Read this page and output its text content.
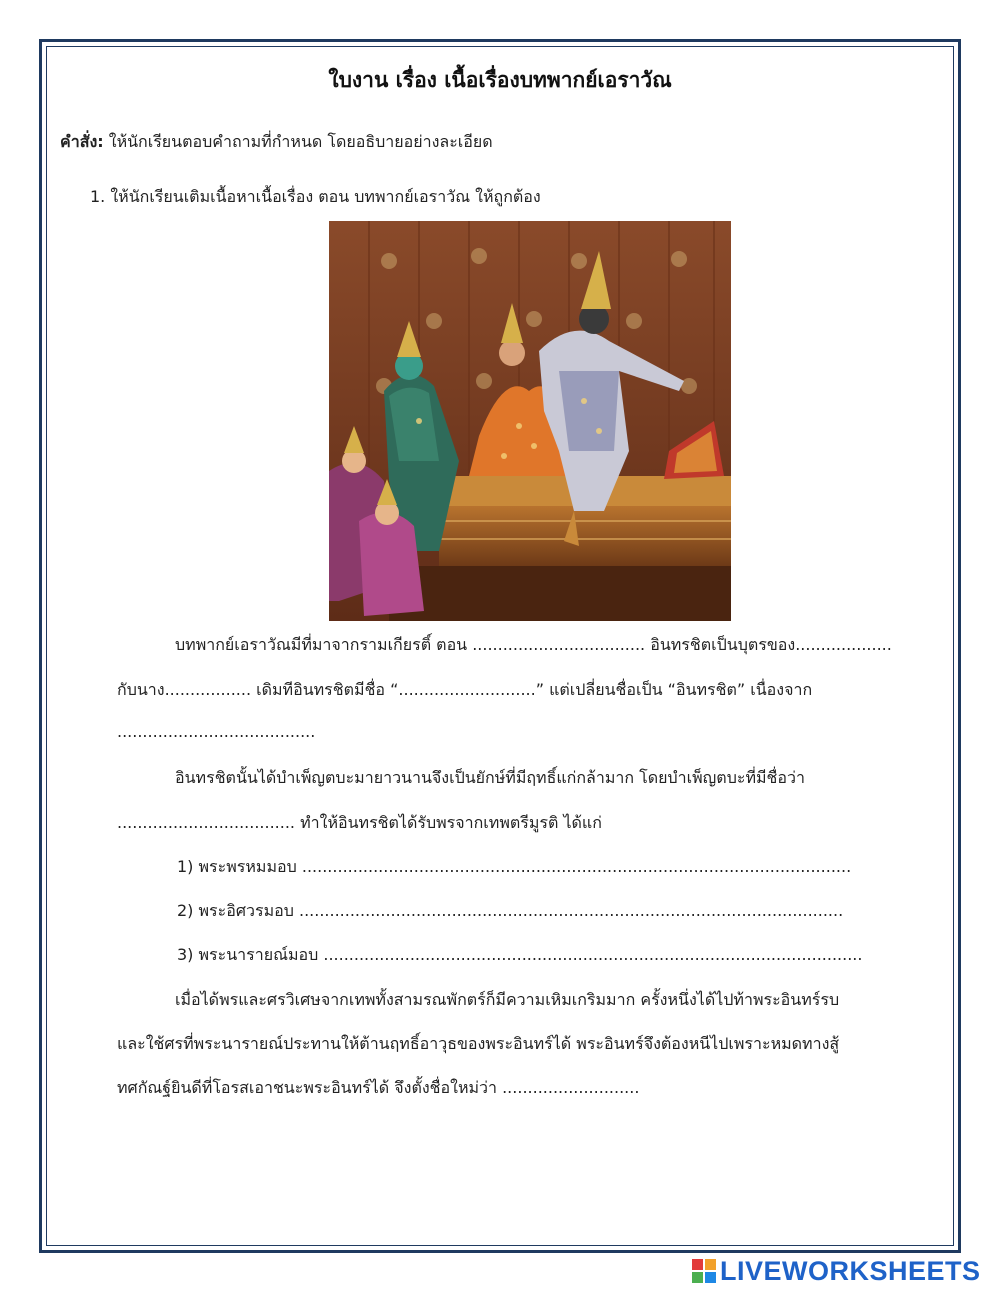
ใบงาน เรื่อง เนื้อเรื่องบทพากย์เอราวัณ
คำสั่ง: ให้นักเรียนตอบคำถามที่กำหนด โดยอธิบายอย่างละเอียด
1. ให้นักเรียนเติมเนื้อหาเนื้อเรื่อง ตอน บทพากย์เอราวัณ ให้ถูกต้อง
บทพากย์เอราวัณมีที่มาจากรามเกียรติ์ ตอน .................................. อินทรชิตเป็นบุตรของ...................
กับนาง................. เดิมทีอินทรชิตมีชื่อ “...........................” แต่เปลี่ยนชื่อเป็น “อินทรชิต” เนื่องจาก
.......................................
อินทรชิตนั้นได้บำเพ็ญตบะมายาวนานจึงเป็นยักษ์ที่มีฤทธิ์แก่กล้ามาก โดยบำเพ็ญตบะที่มีชื่อว่า
................................... ทำให้อินทรชิตได้รับพรจากเทพตรีมูรติ ได้แก่
1) พระพรหมมอบ ............................................................................................................
2) พระอิศวรมอบ ...........................................................................................................
3) พระนารายณ์มอบ ..........................................................................................................
เมื่อได้พรและศรวิเศษจากเทพทั้งสามรณพักตร์ก็มีความเหิมเกริมมาก ครั้งหนึ่งได้ไปท้าพระอินทร์รบ
และใช้ศรที่พระนารายณ์ประทานให้ต้านฤทธิ์อาวุธของพระอินทร์ได้ พระอินทร์จึงต้องหนีไปเพราะหมดทางสู้
ทศกัณฐ์ยินดีที่โอรสเอาชนะพระอินทร์ได้ จึงตั้งชื่อใหม่ว่า ...........................
LIVEWORKSHEETS
